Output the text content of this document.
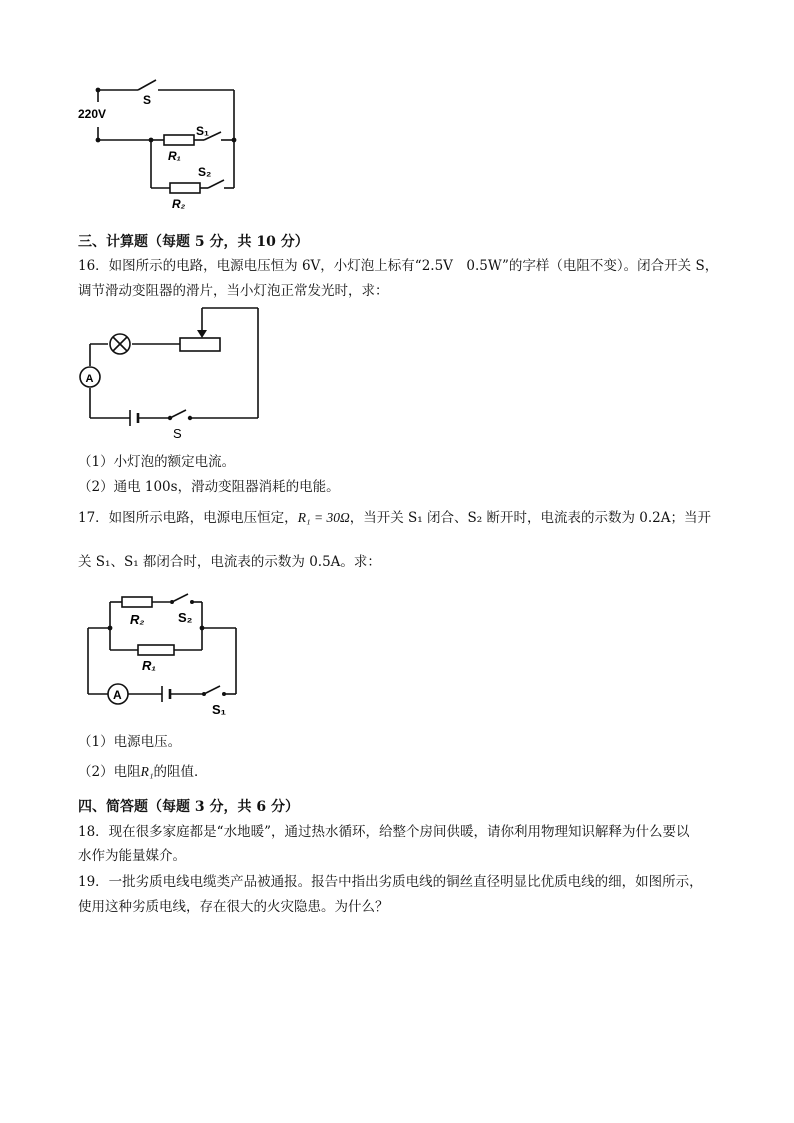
220V
S
S₁
R₁
S₂
R₂
三、计算题（每题 5 分，共 10 分）
16．如图所示的电路，电源电压恒为 6V，小灯泡上标有“2.5V　0.5W”的字样（电阻不变）。闭合开关 S，
调节滑动变阻器的滑片，当小灯泡正常发光时，求：
A
S
（1）小灯泡的额定电流。
（2）通电 100s，滑动变阻器消耗的电能。
17．如图所示电路，电源电压恒定，R₁ = 30Ω，当开关 S₁ 闭合、S₂ 断开时，电流表的示数为 0.2A；当开
关 S₁、S₁ 都闭合时，电流表的示数为 0.5A。求：
R₂	S₂
R₁
A
S₁
（1）电源电压。
（2）电阻R₁的阻值．
四、简答题（每题 3 分，共 6 分）
18．现在很多家庭都是“水地暖”，通过热水循环，给整个房间供暖，请你利用物理知识解释为什么要以
水作为能量媒介。
19．一批劣质电线电缆类产品被通报。报告中指出劣质电线的铜丝直径明显比优质电线的细，如图所示，
使用这种劣质电线，存在很大的火灾隐患。为什么？
